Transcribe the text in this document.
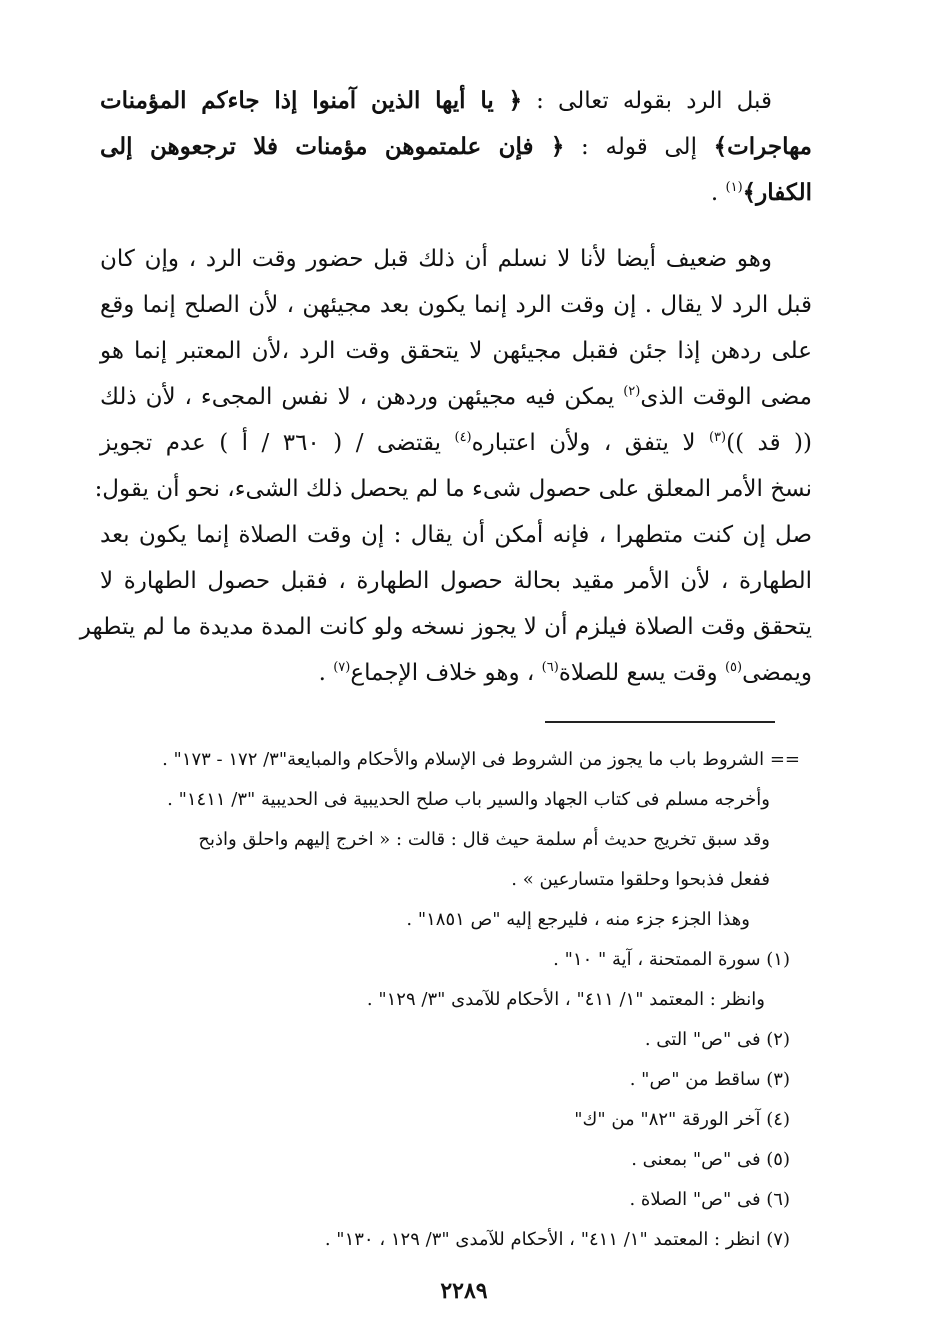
قبل الرد بقوله تعالى : ﴿ يا أيها الذين آمنوا إذا جاءكم المؤمنات
مهاجرات﴾ إلى قوله : ﴿ فإن علمتموهن مؤمنات فلا ترجعوهن إلى
الكفار﴾$^{(١)}$ .
وهو ضعيف أيضا لأنا لا نسلم أن ذلك قبل حضور وقت الرد ، وإن كان
قبل الرد لا يقال . إن وقت الرد إنما يكون بعد مجيئهن ، لأن الصلح إنما وقع
على ردهن إذا جئن فقبل مجيئهن لا يتحقق وقت الرد ،لأن المعتبر إنما هو
مضى الوقت الذى$^{(٢)}$ يمكن فيه مجيئهن وردهن ، لا نفس المجىء ، لأن ذلك
(( قد ))$^{(٣)}$ لا يتفق ، ولأن اعتباره$^{(٤)}$ يقتضى / ( ٣٦٠ / أ ) عدم تجويز
نسخ الأمر المعلق على حصول شىء ما لم يحصل ذلك الشىء، نحو أن يقول:
صل إن كنت متطهرا ، فإنه أمكن أن يقال : إن وقت الصلاة إنما يكون بعد
الطهارة ، لأن الأمر مقيد بحالة حصول الطهارة ، فقبل حصول الطهارة لا
يتحقق وقت الصلاة فيلزم أن لا يجوز نسخه ولو كانت المدة مديدة ما لم يتطهر
ويمضى$^{(٥)}$ وقت يسع للصلاة$^{(٦)}$ ، وهو خلاف الإجماع$^{(٧)}$ .
== الشروط باب ما يجوز من الشروط فى الإسلام والأحكام والمبايعة"٣/ ١٧٢ - ١٧٣" .
وأخرجه مسلم فى كتاب الجهاد والسير باب صلح الحديبية فى الحديبية "٣/ ١٤١١" .
وقد سبق تخريج حديث أم سلمة حيث قال : قالت : « اخرج إليهم واحلق واذبح
ففعل فذبحوا وحلقوا متسارعين » .
وهذا الجزء جزء منه ، فليرجع إليه "ص ١٨٥١" .
(١) سورة الممتحنة ، آية " ١٠" .
وانظر : المعتمد "١/ ٤١١" ، الأحكام للآمدى "٣/ ١٢٩" .
(٢) فى "ص" التى .
(٣) ساقط من "ص" .
(٤) آخر الورقة "٨٢" من "ك"
(٥) فى "ص" بمعنى .
(٦) فى "ص" الصلاة .
(٧) انظر : المعتمد "١/ ٤١١" ، الأحكام للآمدى "٣/ ١٢٩ ، ١٣٠" .
٢٢٨٩
